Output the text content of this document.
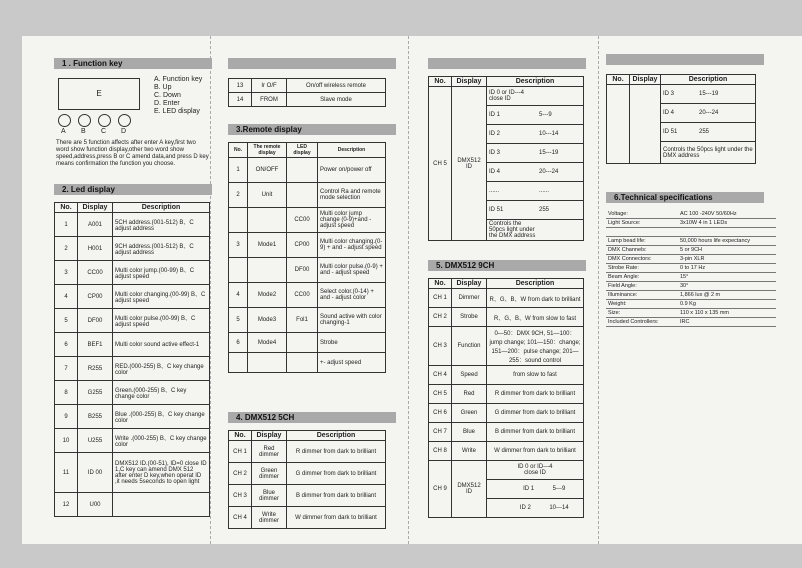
1 . Function key
E
A. Function key
B. Up
C. Down
D. Enter
E. LED display
A B C D
There are 5 function affects after enter A key,first two word show function display,other two word show speed,address,press B or C amend data,and press D key means confirmation the function you choose.
2. Led display
No.	Display	Description
1	A001	5CH address.(001-512) B、C adjust address
2	H001	9CH address.(001-512) B、C adjust address
3	CC00	Multi color jump.(00-99) B、C adjust speed
4	CP00	Multi color changing.(00-99) B、C adjust speed
5	DF00	Multi color pulse.(00-99) B、C adjust speed
6	BEF1	Multi color sound active effect-1
7	R255	RED.(000-255) B、C key change color
8	G255	Green.(000-255) B、C key change color
9	B255	Blue .(000-255) B、C key change color
10	U255	Write .(000-255) B、C key change color
11	ID 00	DMX512 ID.(00-51), ID=0 close ID 1,C key can amend DMX 512 after enter D key,when operat ID ,it needs 5seconds to open light
12	U00	
13	Ir O/F	On/off wireless remote
14	FROM	Slave mode
3.Remote display
No.	The remote display	LED display	Description
1	ON/OFF		Power on/power off
2	Unit		Control Ra and remote mode selection
		CC00	Multi color jump change (0-9)+and - adjust speed
3	Mode1	CP00	Multi color changing.(0-9) + and - adjust speed
		DF00	Multi color pulse.(0-9) + and - adjust speed
4	Mode2	CC00	Select color.(0-14) + and - adjust color
5	Mode3	Fol1	Sound active with color changing-1
6	Mode4		Strobe
			+- adjust speed
4. DMX512 5CH
No.	Display	Description
CH 1	Red dimmer	R dimmer from dark to brilliant
CH 2	Green dimmer	G dimmer from dark to brilliant
CH 3	Blue dimmer	B dimmer from dark to brilliant
CH 4	Write dimmer	W dimmer from dark to brilliant
No.	Display	Description
CH 5	DMX512 ID	ID 0 or ID---4 close ID
		ID 1 5---9
		ID 2 10---14
		ID 3 15---19
		ID 4 20---24
		...... ......
		ID 51 255
		Controls the 50pcs light under the DMX address
5. DMX512 9CH
No.	Display	Description
CH 1	Dimmer	R、G、B、W from dark to brilliant
CH 2	Strobe	R、G、B、W from slow to fast
CH 3	Function	0—50：DMX 9CH, 51—100：jump change; 101—150：change; 151—200：pulse change; 201—255：sound control
CH 4	Speed	from slow to fast
CH 5	Red	R dimmer from dark to brilliant
CH 6	Green	G dimmer from dark to brilliant
CH 7	Blue	B dimmer from dark to brilliant
CH 8	Write	W dimmer from dark to brilliant
CH 9	DMX512 ID	ID 0 or ID---4 close ID
		ID 1 5---9
		ID 2 10---14
No.	Display	Description
		ID 3 15---19
		ID 4 20---24
		ID 51 255
		Controls the 50pcs light under the DMX address
6.Technical specifications
Voltage:	AC 100 -240V 50/60Hz
Light Source:	3x10W 4 in 1 LEDs

Lamp bead life:	50,000 hours life expectancy
DMX Channels:	5 or 9CH
DMX Connectors:	3-pin XLR
Strobe Rate:	0 to 17 Hz
Beam Angle:	15°
Field Angle:	30°
Illuminance:	1,866 lux @ 2 m
Weight:	0.9 Kg
Size:	110 x 110 x 135 mm
Included Controllers:	IRC
